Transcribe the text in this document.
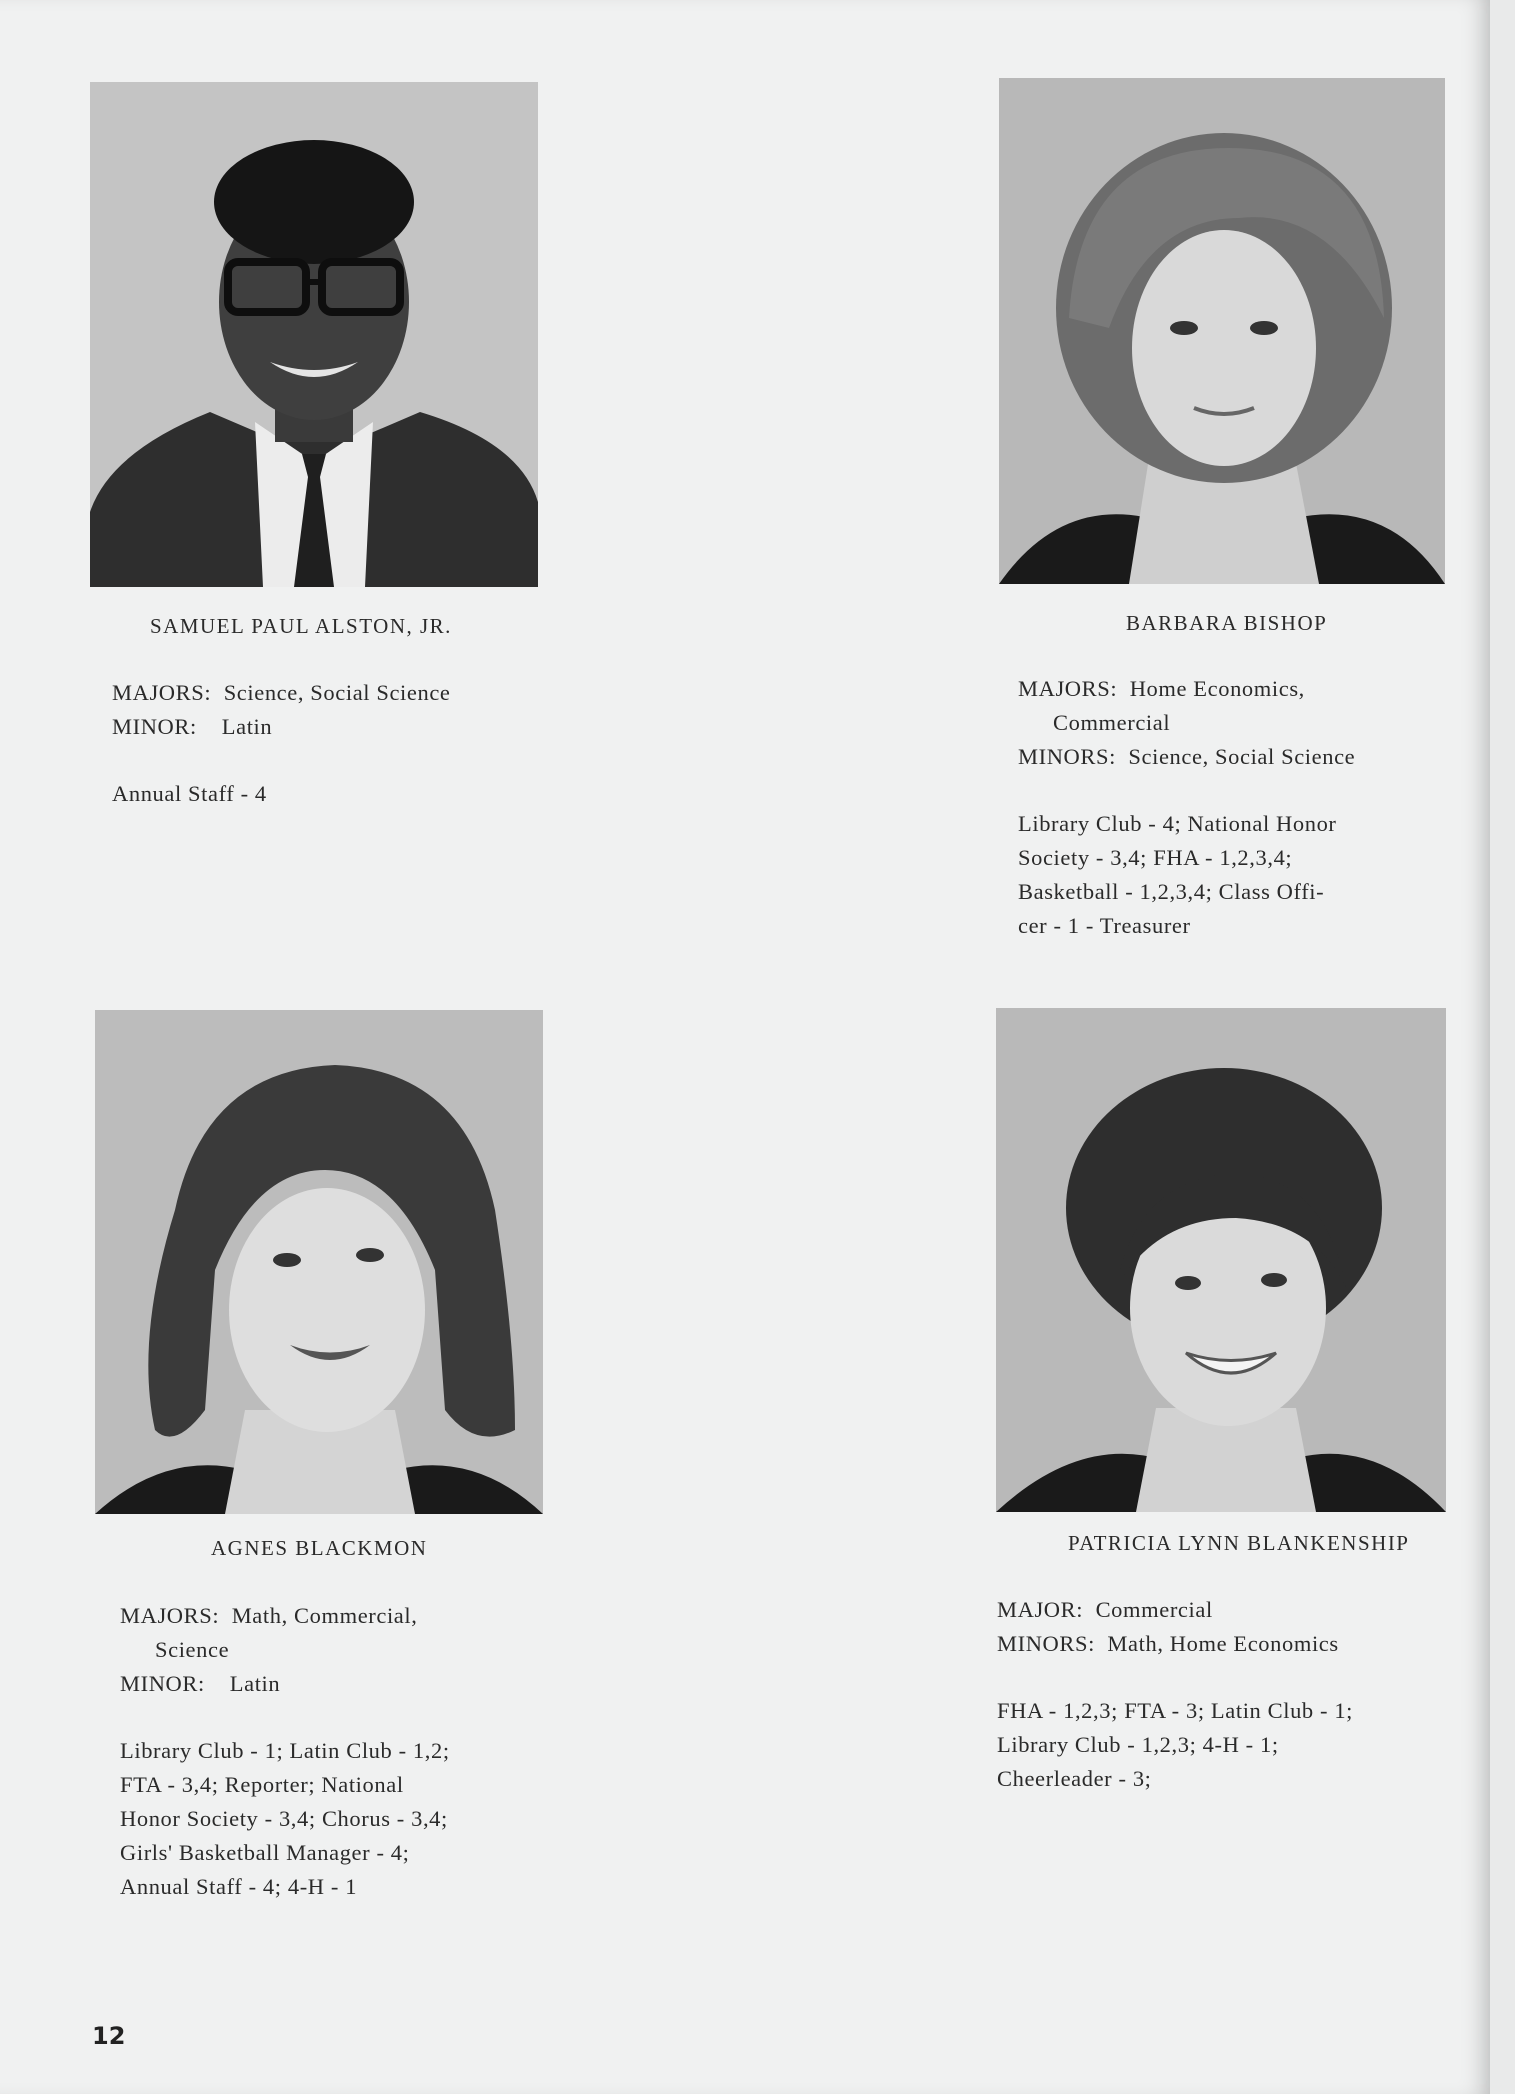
SAMUEL PAUL ALSTON, JR.
MAJORS: Science, Social Science
MINOR: Latin
Annual Staff - 4
BARBARA BISHOP
MAJORS: Home Economics,
Commercial
MINORS: Science, Social Science
Library Club - 4; National Honor
Society - 3,4; FHA - 1,2,3,4;
Basketball - 1,2,3,4; Class Offi-
cer - 1 - Treasurer
AGNES BLACKMON
MAJORS: Math, Commercial,
Science
MINOR: Latin
Library Club - 1; Latin Club - 1,2;
FTA - 3,4; Reporter; National
Honor Society - 3,4; Chorus - 3,4;
Girls' Basketball Manager - 4;
Annual Staff - 4; 4-H - 1
PATRICIA LYNN BLANKENSHIP
MAJOR: Commercial
MINORS: Math, Home Economics
FHA - 1,2,3; FTA - 3; Latin Club - 1;
Library Club - 1,2,3; 4-H - 1;
Cheerleader - 3;
12
